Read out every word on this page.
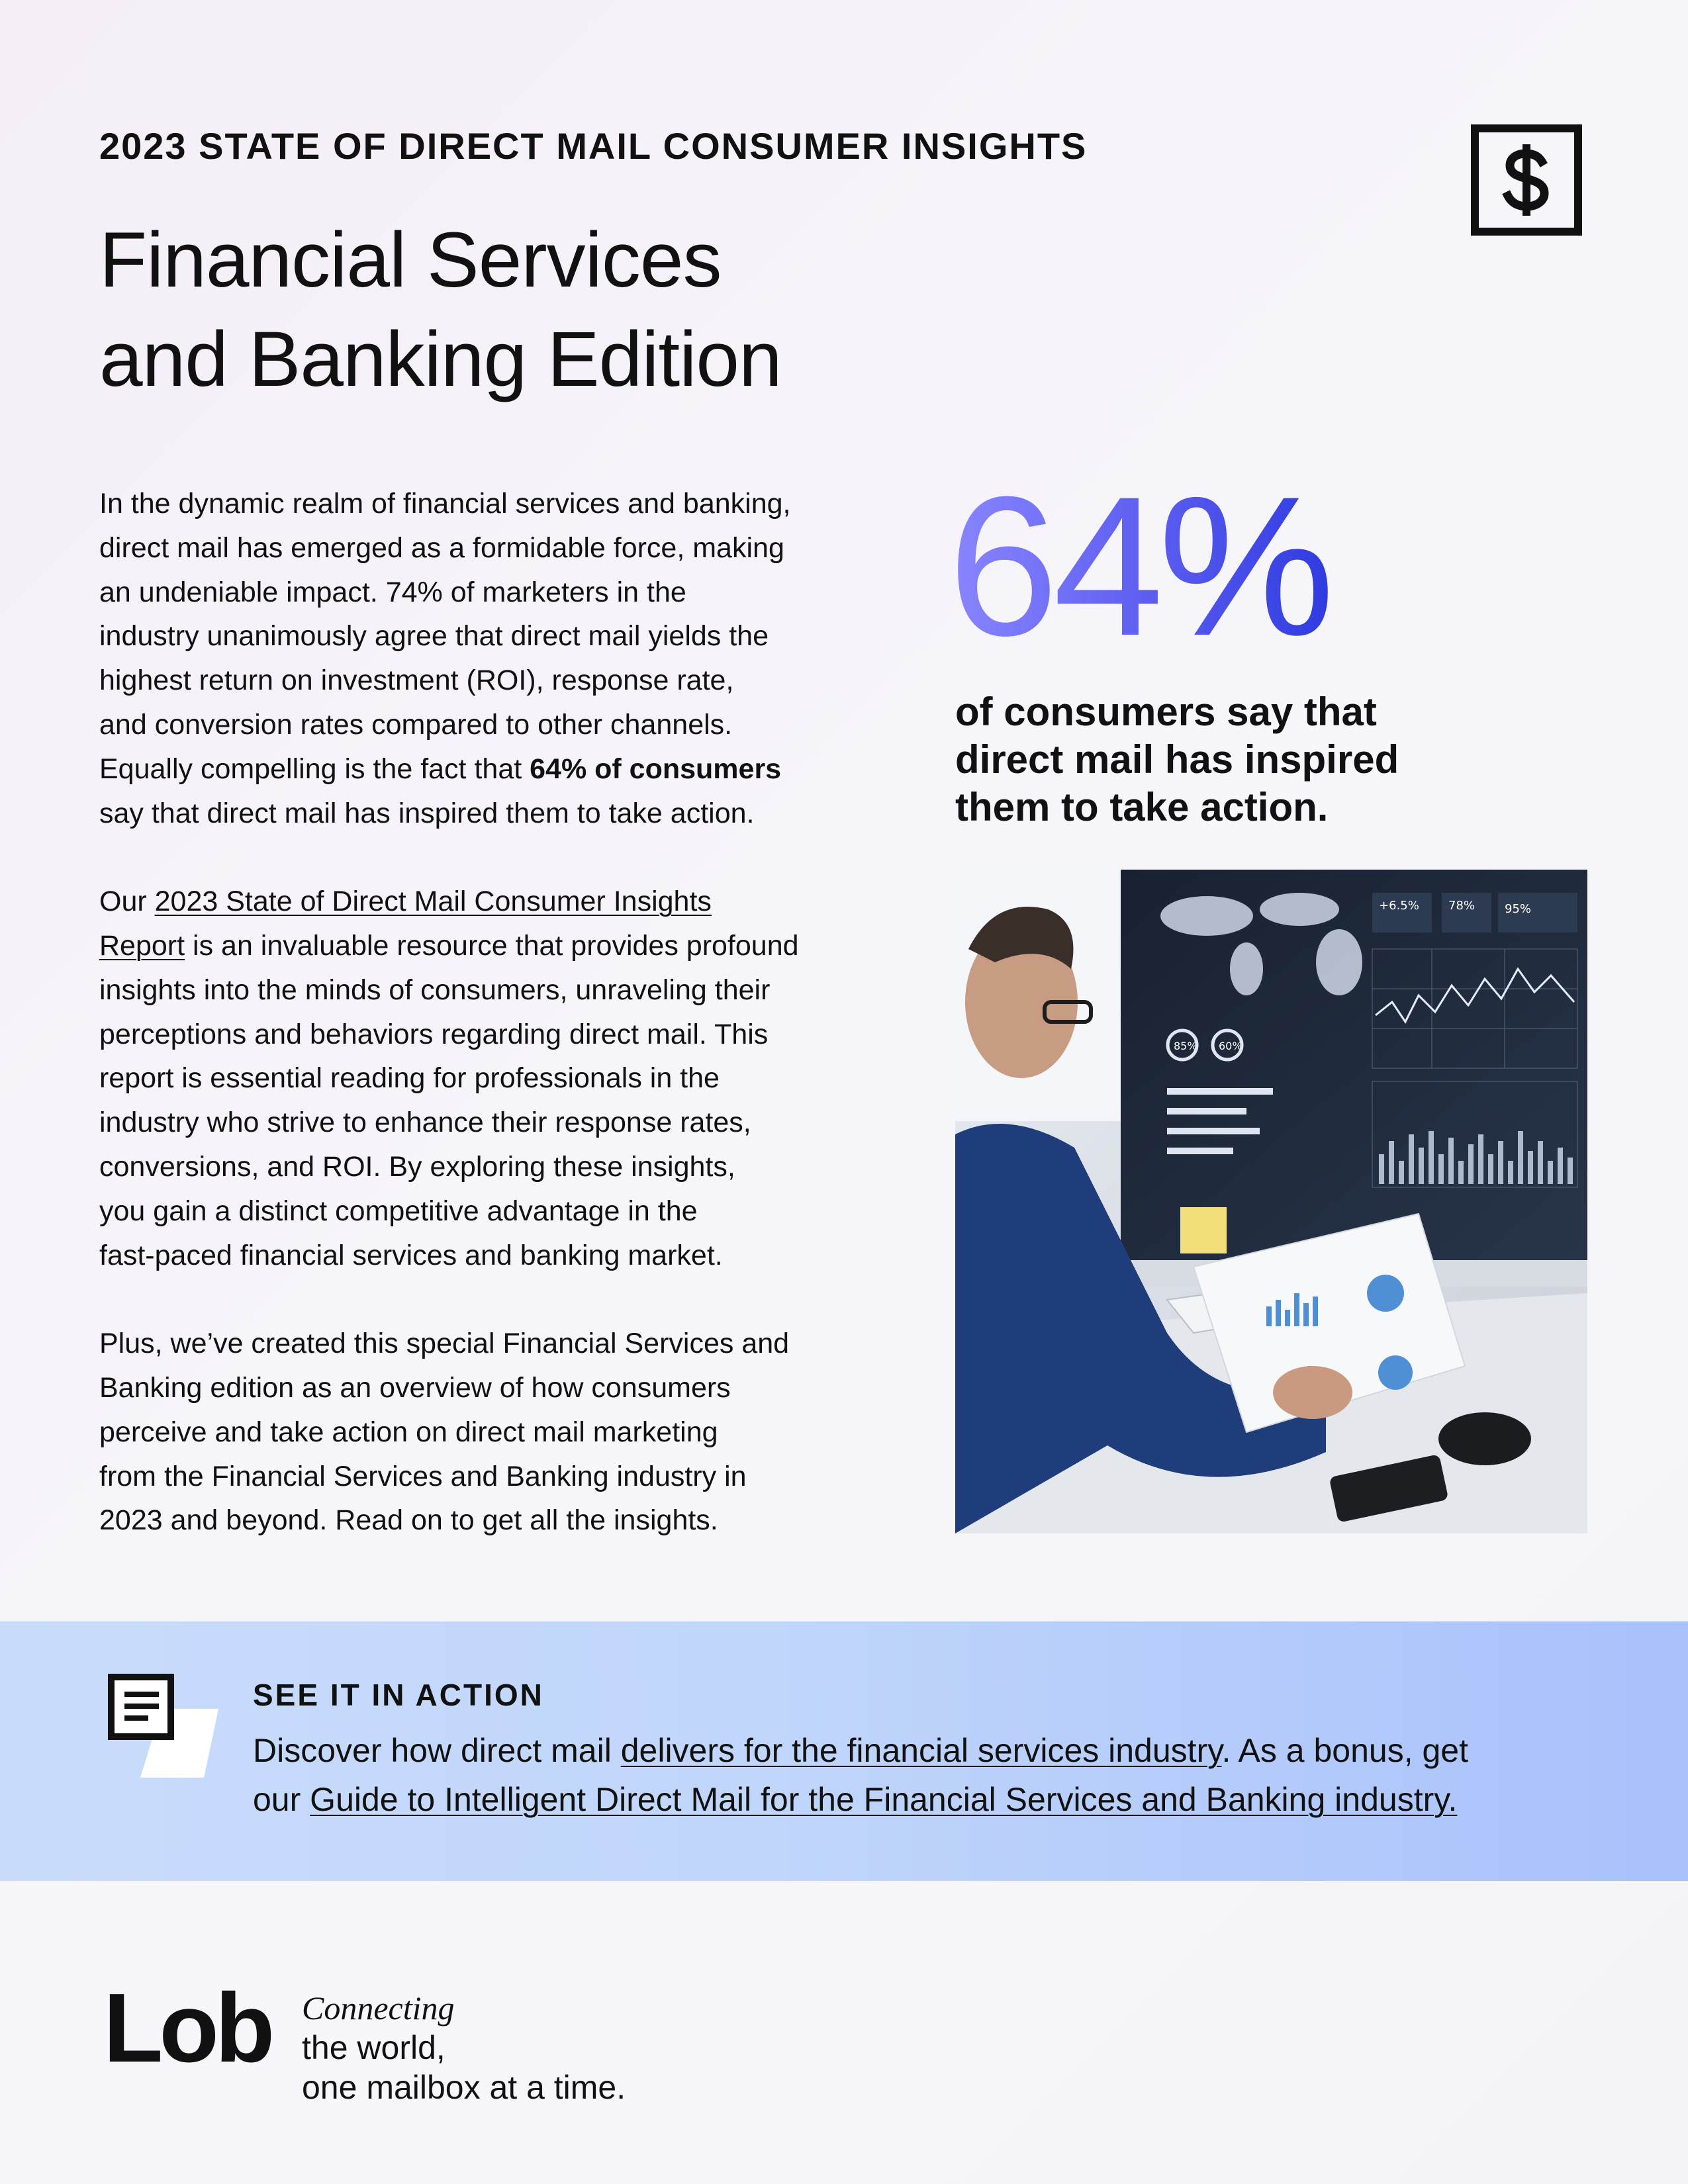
2023 STATE OF DIRECT MAIL CONSUMER INSIGHTS
Financial Services
and Banking Edition

In the dynamic realm of financial services and banking,
direct mail has emerged as a formidable force, making
an undeniable impact. 74% of marketers in the
industry unanimously agree that direct mail yields the
highest return on investment (ROI), response rate,
and conversion rates compared to other channels.
Equally compelling is the fact that 64% of consumers
say that direct mail has inspired them to take action.

Our 2023 State of Direct Mail Consumer Insights
Report is an invaluable resource that provides profound
insights into the minds of consumers, unraveling their
perceptions and behaviors regarding direct mail. This
report is essential reading for professionals in the
industry who strive to enhance their response rates,
conversions, and ROI. By exploring these insights,
you gain a distinct competitive advantage in the
fast-paced financial services and banking market.

Plus, we’ve created this special Financial Services and
Banking edition as an overview of how consumers
perceive and take action on direct mail marketing
from the Financial Services and Banking industry in
2023 and beyond. Read on to get all the insights.

64%
of consumers say that
direct mail has inspired
them to take action.
+6.5% 78% 95%
85% 60%
SEE IT IN ACTION
Discover how direct mail delivers for the financial services industry. As a bonus, get
our Guide to Intelligent Direct Mail for the Financial Services and Banking industry.
Lob Connecting
the world,
one mailbox at a time.
